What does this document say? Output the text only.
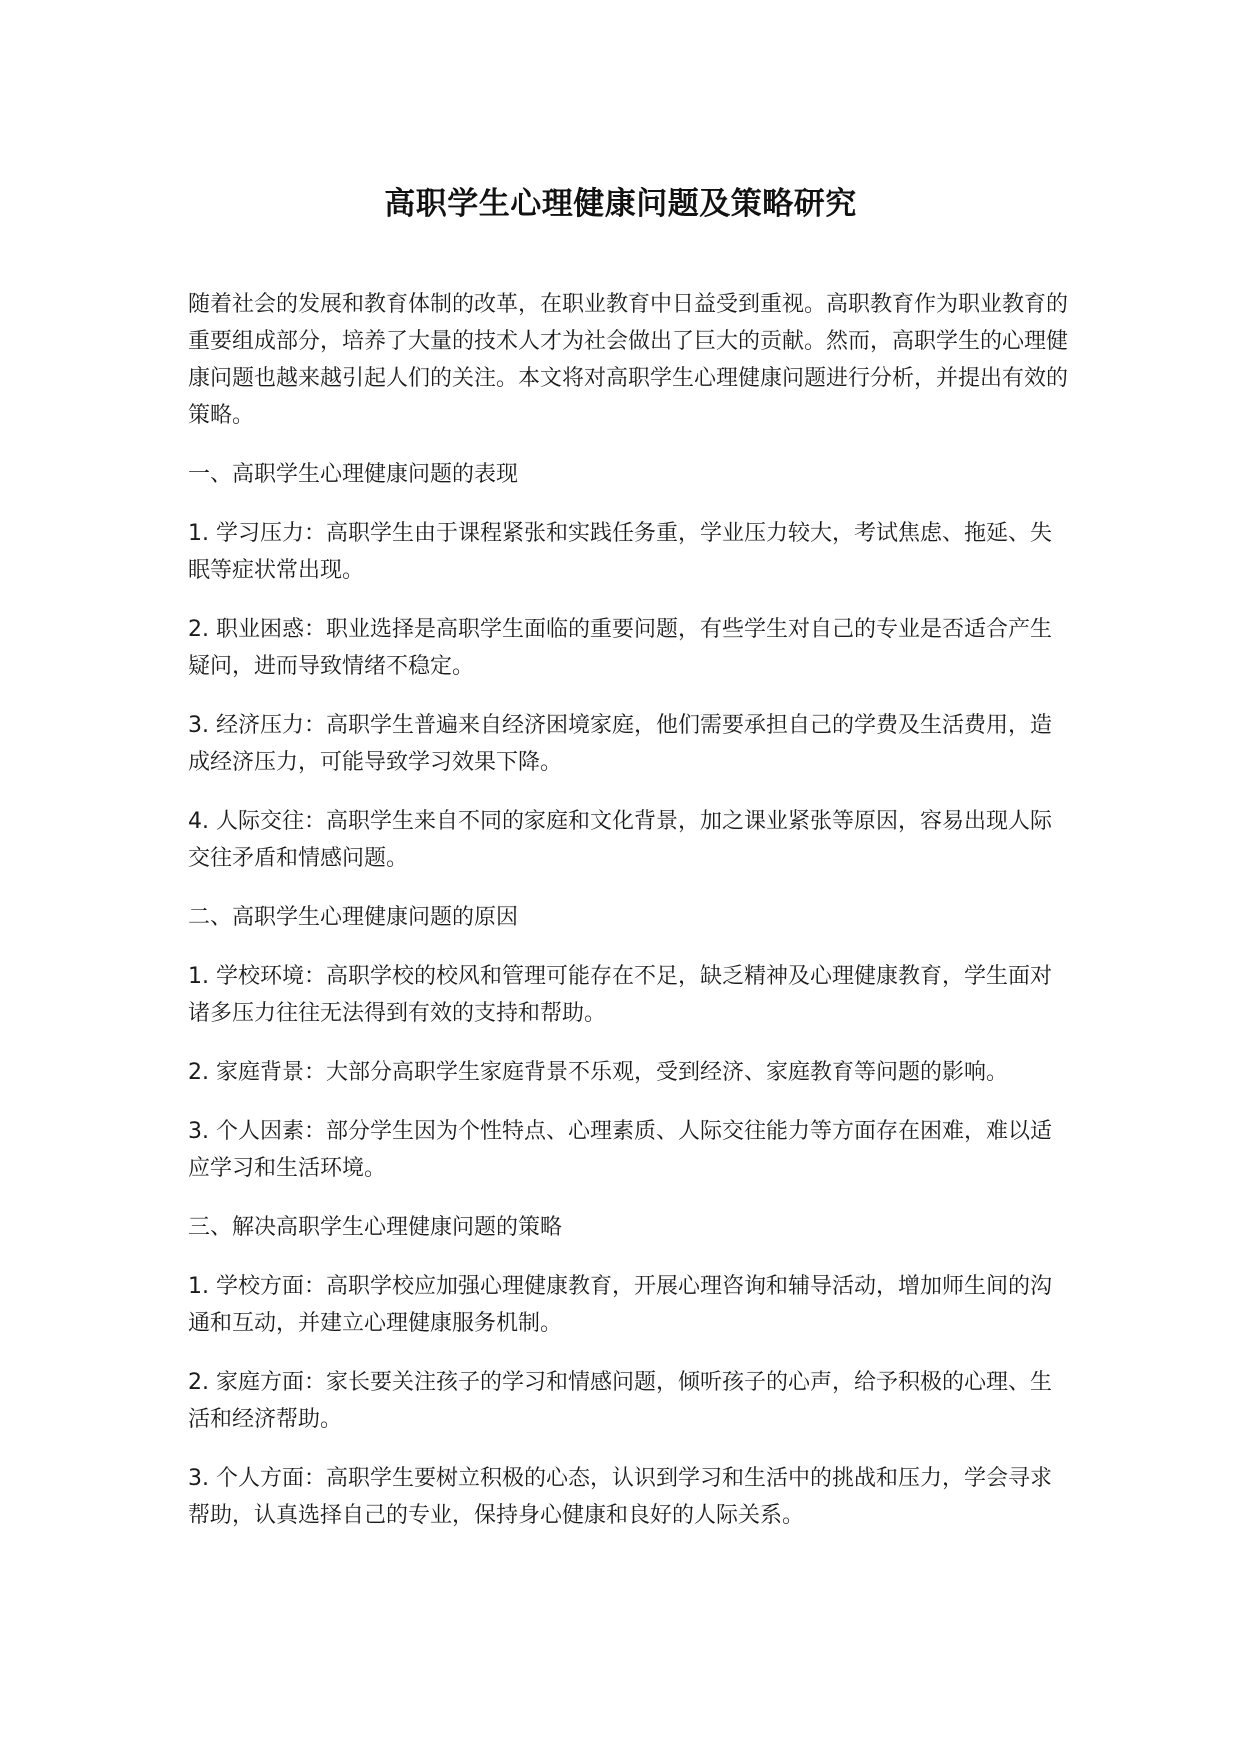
高职学生心理健康问题及策略研究

随着社会的发展和教育体制的改革，在职业教育中日益受到重视。高职教育作为职业教育的重要组成部分，培养了大量的技术人才为社会做出了巨大的贡献。然而，高职学生的心理健康问题也越来越引起人们的关注。本文将对高职学生心理健康问题进行分析，并提出有效的策略。

一、高职学生心理健康问题的表现

1. 学习压力：高职学生由于课程紧张和实践任务重，学业压力较大，考试焦虑、拖延、失眠等症状常出现。

2. 职业困惑：职业选择是高职学生面临的重要问题，有些学生对自己的专业是否适合产生疑问，进而导致情绪不稳定。

3. 经济压力：高职学生普遍来自经济困境家庭，他们需要承担自己的学费及生活费用，造成经济压力，可能导致学习效果下降。

4. 人际交往：高职学生来自不同的家庭和文化背景，加之课业紧张等原因，容易出现人际交往矛盾和情感问题。

二、高职学生心理健康问题的原因

1. 学校环境：高职学校的校风和管理可能存在不足，缺乏精神及心理健康教育，学生面对诸多压力往往无法得到有效的支持和帮助。

2. 家庭背景：大部分高职学生家庭背景不乐观，受到经济、家庭教育等问题的影响。

3. 个人因素：部分学生因为个性特点、心理素质、人际交往能力等方面存在困难，难以适应学习和生活环境。

三、解决高职学生心理健康问题的策略

1. 学校方面：高职学校应加强心理健康教育，开展心理咨询和辅导活动，增加师生间的沟通和互动，并建立心理健康服务机制。

2. 家庭方面：家长要关注孩子的学习和情感问题，倾听孩子的心声，给予积极的心理、生活和经济帮助。

3. 个人方面：高职学生要树立积极的心态，认识到学习和生活中的挑战和压力，学会寻求帮助，认真选择自己的专业，保持身心健康和良好的人际关系。
